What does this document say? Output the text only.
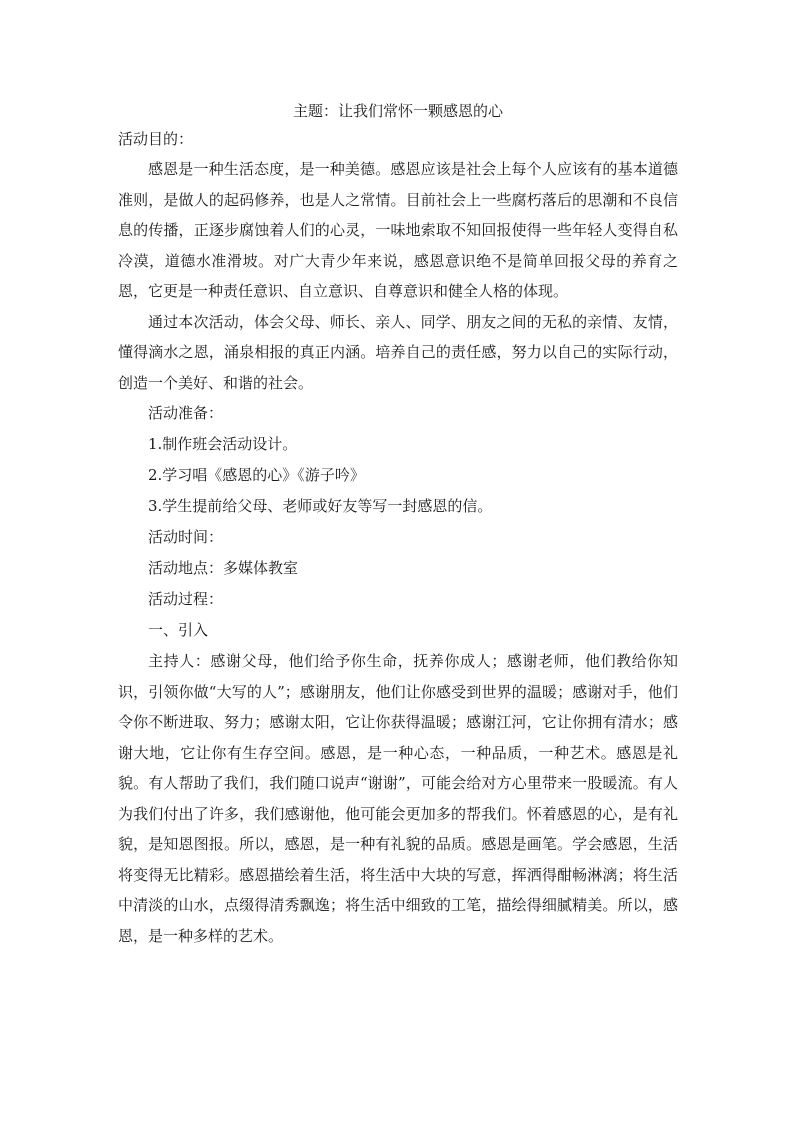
主题：让我们常怀一颗感恩的心

活动目的：

感恩是一种生活态度，是一种美德。感恩应该是社会上每个人应该有的基本道德准则，是做人的起码修养，也是人之常情。目前社会上一些腐朽落后的思潮和不良信息的传播，正逐步腐蚀着人们的心灵，一味地索取不知回报使得一些年轻人变得自私冷漠，道德水准滑坡。对广大青少年来说，感恩意识绝不是简单回报父母的养育之恩，它更是一种责任意识、自立意识、自尊意识和健全人格的体现。

通过本次活动，体会父母、师长、亲人、同学、朋友之间的无私的亲情、友情，懂得滴水之恩，涌泉相报的真正内涵。培养自己的责任感，努力以自己的实际行动，创造一个美好、和谐的社会。

活动准备：

1.制作班会活动设计。

2.学习唱《感恩的心》《游子吟》

3.学生提前给父母、老师或好友等写一封感恩的信。

活动时间：

活动地点：多媒体教室

活动过程：

一、引入

主持人：感谢父母，他们给予你生命，抚养你成人；感谢老师，他们教给你知识，引领你做“大写的人”；感谢朋友，他们让你感受到世界的温暖；感谢对手，他们令你不断进取、努力；感谢太阳，它让你获得温暖；感谢江河，它让你拥有清水；感谢大地，它让你有生存空间。感恩，是一种心态，一种品质，一种艺术。感恩是礼貌。有人帮助了我们，我们随口说声“谢谢”，可能会给对方心里带来一股暖流。有人为我们付出了许多，我们感谢他，他可能会更加多的帮我们。怀着感恩的心，是有礼貌，是知恩图报。所以，感恩，是一种有礼貌的品质。感恩是画笔。学会感恩，生活将变得无比精彩。感恩描绘着生活，将生活中大块的写意，挥洒得酣畅淋漓；将生活中清淡的山水，点缀得清秀飘逸；将生活中细致的工笔，描绘得细腻精美。所以，感恩，是一种多样的艺术。
